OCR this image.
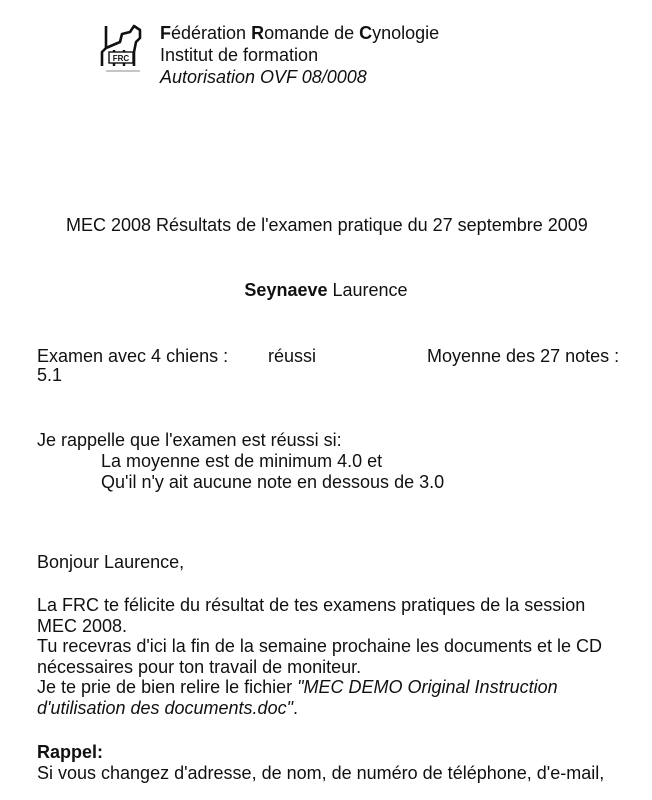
FRC
Fédération Romande de Cynologie
Institut de formation
Autorisation OVF 08/0008
MEC 2008 Résultats de l'examen pratique du 27 septembre 2009
Seynaeve Laurence
Examen avec 4 chiens : réussi	Moyenne des 27 notes :
5.1
Je rappelle que l'examen est réussi si:
La moyenne est de minimum 4.0 et
Qu'il n'y ait aucune note en dessous de 3.0
Bonjour Laurence,
La FRC te félicite du résultat de tes examens pratiques de la session
MEC 2008.
Tu recevras d'ici la fin de la semaine prochaine les documents et le CD
nécessaires pour ton travail de moniteur.
Je te prie de bien relire le fichier "MEC DEMO Original Instruction
d'utilisation des documents.doc".
Rappel:
Si vous changez d'adresse, de nom, de numéro de téléphone, d'e-mail,
